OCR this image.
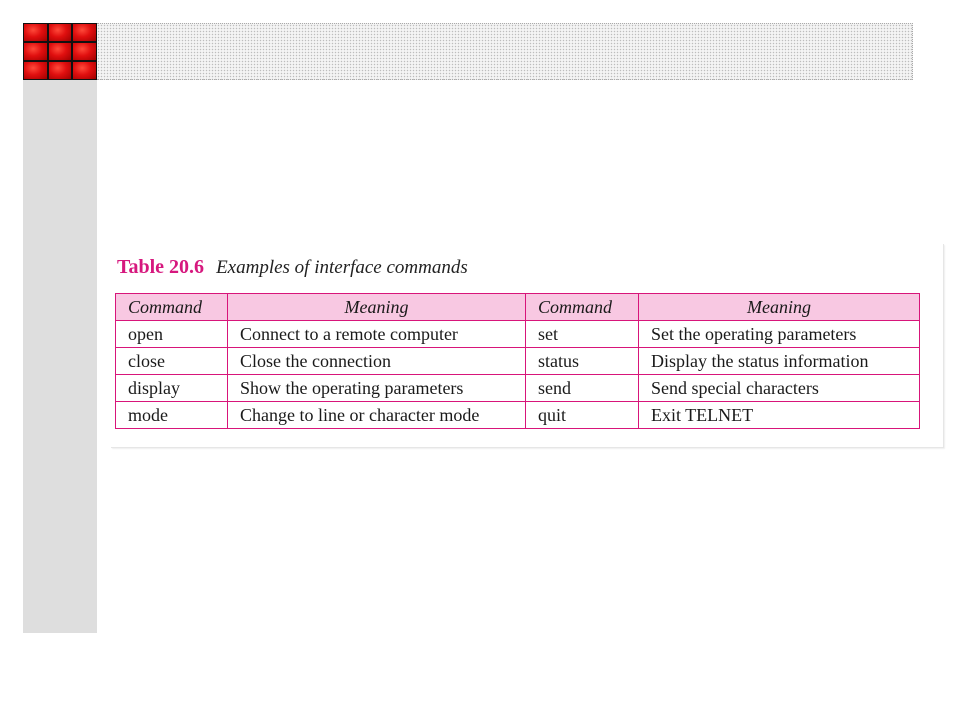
Table 20.6 Examples of interface commands
Command	Meaning	Command	Meaning
open	Connect to a remote computer	set	Set the operating parameters
close	Close the connection	status	Display the status information
display	Show the operating parameters	send	Send special characters
mode	Change to line or character mode	quit	Exit TELNET
